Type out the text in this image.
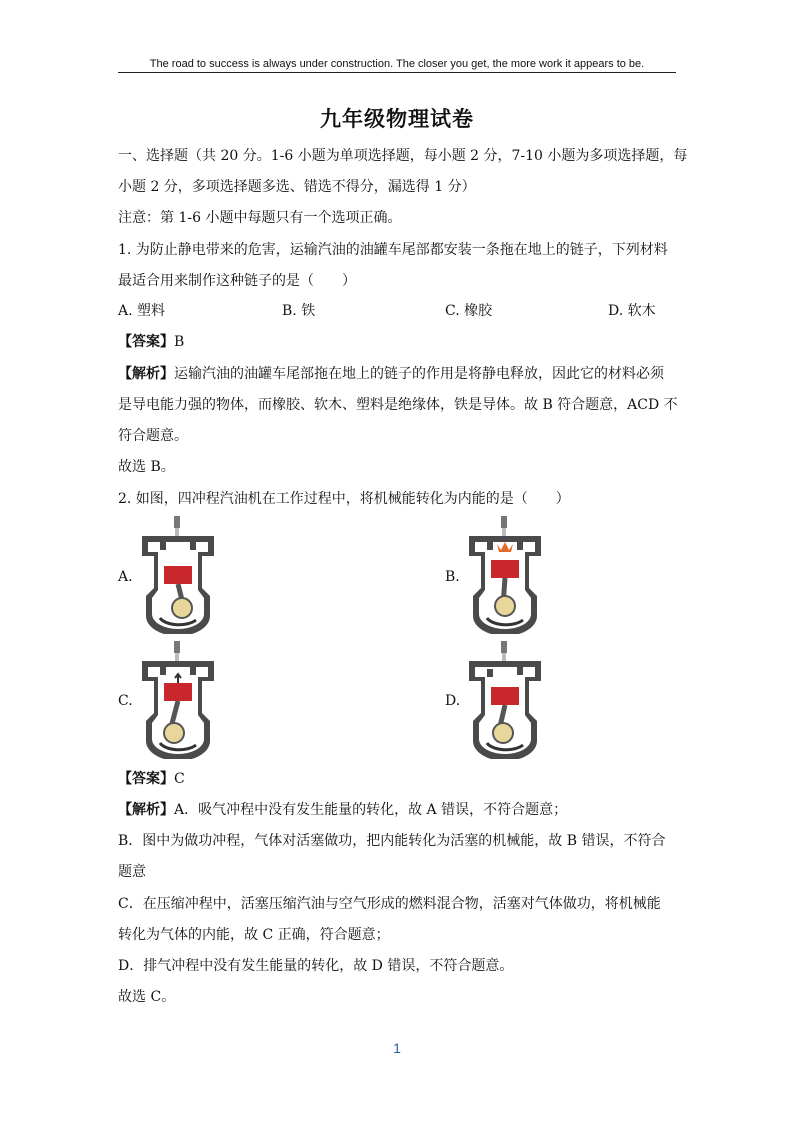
The road to success is always under construction. The closer you get, the more work it appears to be.
九年级物理试卷
一、选择题（共 20 分。1-6 小题为单项选择题，每小题 2 分，7-10 小题为多项选择题，每
小题 2 分，多项选择题多选、错选不得分，漏选得 1 分）
注意：第 1-6 小题中每题只有一个选项正确。
1. 为防止静电带来的危害，运输汽油的油罐车尾部都安装一条拖在地上的链子，下列材料
最适合用来制作这种链子的是（　　）
A. 塑料	B. 铁	C. 橡胶	D. 软木
【答案】B
【解析】运输汽油的油罐车尾部拖在地上的链子的作用是将静电释放，因此它的材料必须
是导电能力强的物体，而橡胶、软木、塑料是绝缘体，铁是导体。故 B 符合题意，ACD 不
符合题意。
故选 B。
2. 如图，四冲程汽油机在工作过程中，将机械能转化为内能的是（　　）
A.	B.
C.	D.
【答案】C
【解析】A．吸气冲程中没有发生能量的转化，故 A 错误，不符合题意；
B．图中为做功冲程，气体对活塞做功，把内能转化为活塞的机械能，故 B 错误，不符合
题意
C．在压缩冲程中，活塞压缩汽油与空气形成的燃料混合物，活塞对气体做功，将机械能
转化为气体的内能，故 C 正确，符合题意；
D．排气冲程中没有发生能量的转化，故 D 错误，不符合题意。
故选 C。
1
